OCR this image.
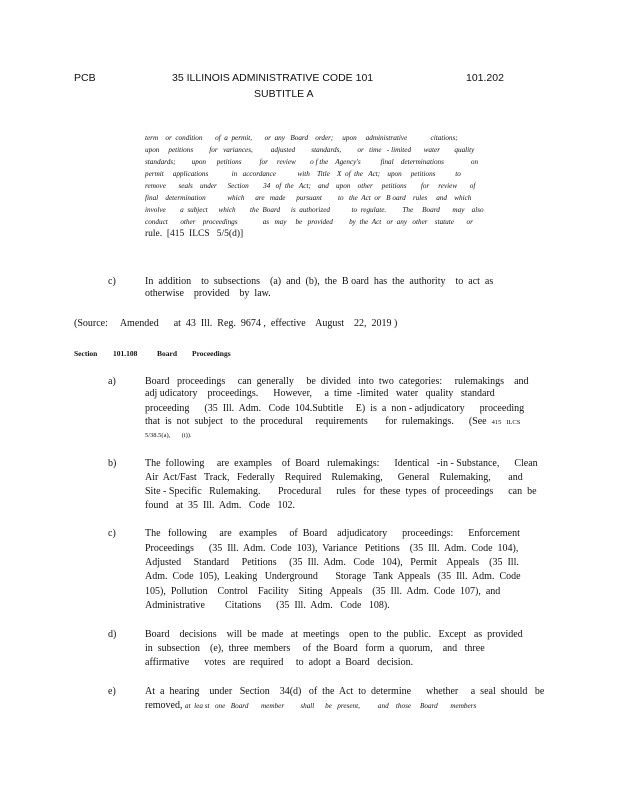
PCB	35 ILLINOIS ADMINISTRATIVE CODE 101
SUBTITLE A
101.202
term    or  condition       of  a  permit,       or  any   Board    order;     upon     administrative             citations;
upon     petitions         for   variances,          adjusted         standards,         or   time   - limited       water        quality
standards;         upon      petitions          for     review        o f the    Agency's           final    determinations               on
permit     applications             in   accordance            with    Title    X  of  the   Act;    upon     petitions           to
remove       seals    under      Section        34   of  the   Act;    and    upon    other     petitions        for     review       of
final    determination            which      are   made      pursuant         to   the  Act  or   B oard    rules     and    which
involve        a  subject      which        the  Board      is  authorized            to  regulate.         The     Board       may    also
conduct       other    proceedings              as   may     be   provided         by  the  Act   or  any   other    statute       or
rule.  [415  ILCS   5/5(d)]
c)	In  addition    to  subsections    (a)  and  (b),  the  B oard  has  the  authority    to  act  as
otherwise    provided    by  law.
(Source:     Amended      at  43  Ill.  Reg.  9674 ,  effective    August    22,  2019 )
Section 101.108	Board        Proceedings
a)	Board   proceedings     can  generally     be  divided   into  two  categories:     rulemakings    and
adj udicatory    proceedings.      However,     a  time  -limited   water   quality   standard
proceeding      (35  Ill.  Adm.   Code  104.Subtitle     E)  is  a  non - adjudicatory      proceeding
that  is  not  subject   to  the  procedural     requirements       for  rulemakings.      (See  415   ILCS
5/38.5(a),       (i)).
b)	The  following     are  examples    of  Board   rulemakings:      Identical   -in - Substance,      Clean
Air  Act/Fast   Track,   Federally    Required    Rulemaking,      General    Rulemaking,       and
Site - Specific   Rulemaking.       Procedural      rules   for  these  types  of  proceedings      can  be
found   at  35  Ill.  Adm.   Code   102.
c)	The   following     are   examples     of  Board    adjudicatory      proceedings:      Enforcement
Proceedings      (35  Ill.  Adm.  Code  103),  Variance   Petitions    (35  Ill.  Adm.  Code  104),
Adjusted     Standard     Petitions     (35  Ill.  Adm.   Code   104),   Permit    Appeals    (35  Ill.
Adm.  Code  105),  Leaking   Underground       Storage   Tank  Appeals   (35  Ill.  Adm.  Code
105),  Pollution    Control    Facility    Siting   Appeals    (35  Ill.  Adm.  Code  107),  and
Administrative        Citations      (35  Ill.  Adm.   Code   108).
d)	Board    decisions    will  be  made   at  meetings    open  to  the  public.   Except   as  provided
in  subsection    (e),  three  members     of  the  Board   form  a  quorum,    and   three
affirmative      votes   are  required     to  adopt  a  Board   decision.
e)	At  a  hearing    under   Section    34(d)   of  the  Act  to  determine      whether     a  seal  should   be
removed, at  lea st   one   Board       member         shall      be   present,          and    those     Board       members
